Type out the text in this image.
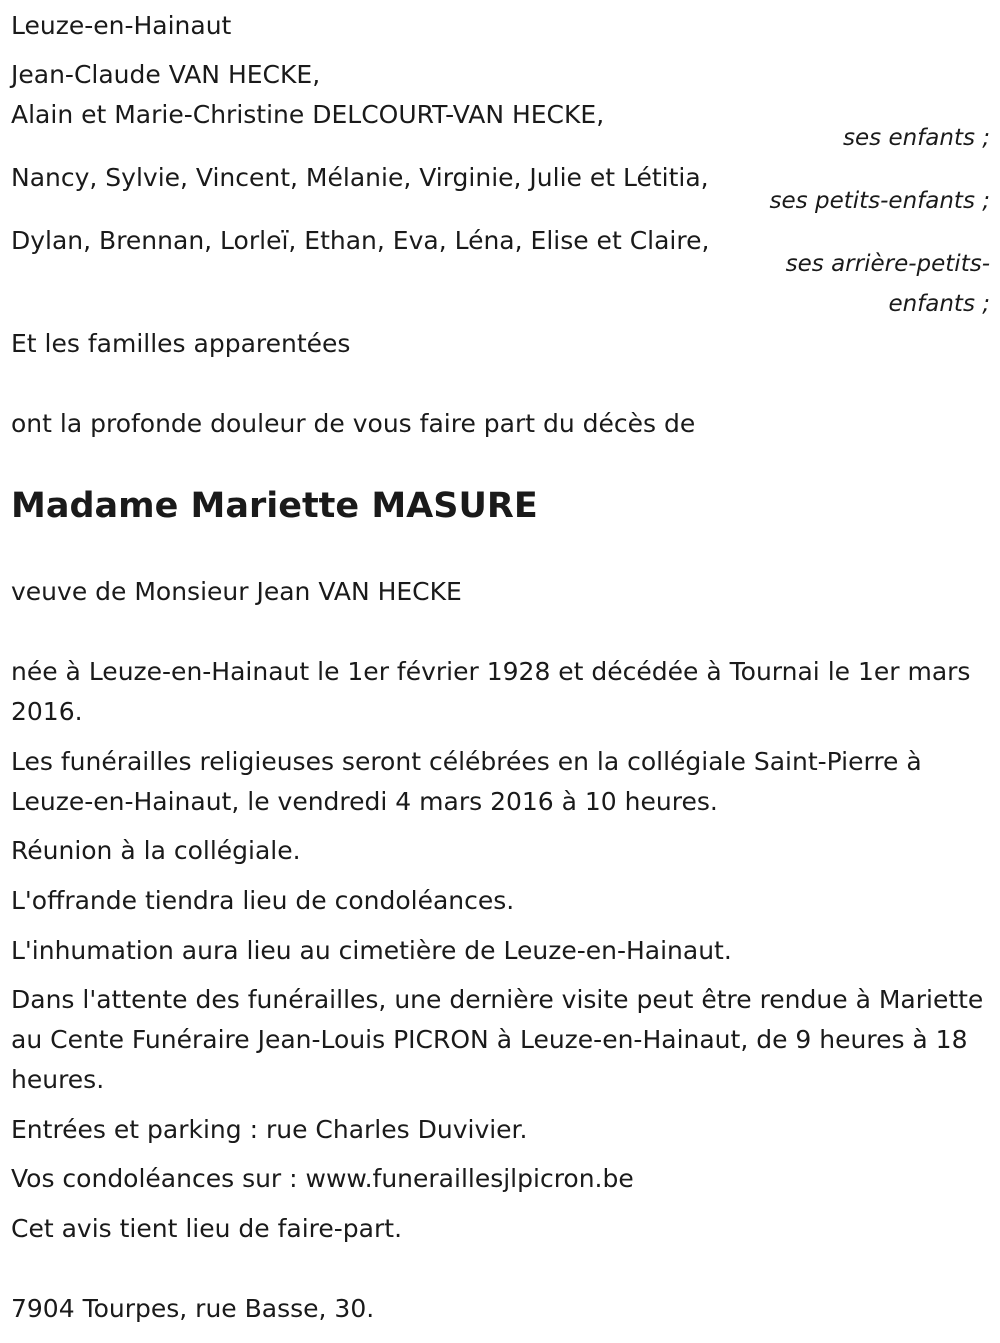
Leuze-en-Hainaut
Jean-Claude VAN HECKE,
Alain et Marie-Christine DELCOURT-VAN HECKE,
ses enfants ;
Nancy, Sylvie, Vincent, Mélanie, Virginie, Julie et Létitia,
ses petits-enfants ;
Dylan, Brennan, Lorleï, Ethan, Eva, Léna, Elise et Claire,
ses arrière-petits-
enfants ;
Et les familles apparentées
ont la profonde douleur de vous faire part du décès de
Madame Mariette MASURE
veuve de Monsieur Jean VAN HECKE
née à Leuze-en-Hainaut le 1er février 1928 et décédée à Tournai le 1er mars 2016.
Les funérailles religieuses seront célébrées en la collégiale Saint-Pierre à Leuze-en-Hainaut, le vendredi 4 mars 2016 à 10 heures.
Réunion à la collégiale.
L'offrande tiendra lieu de condoléances.
L'inhumation aura lieu au cimetière de Leuze-en-Hainaut.
Dans l'attente des funérailles, une dernière visite peut être rendue à Mariette au Cente Funéraire Jean-Louis PICRON à Leuze-en-Hainaut, de 9 heures à 18 heures.
Entrées et parking : rue Charles Duvivier.
Vos condoléances sur : www.funeraillesjlpicron.be
Cet avis tient lieu de faire-part.
7904 Tourpes, rue Basse, 30.
